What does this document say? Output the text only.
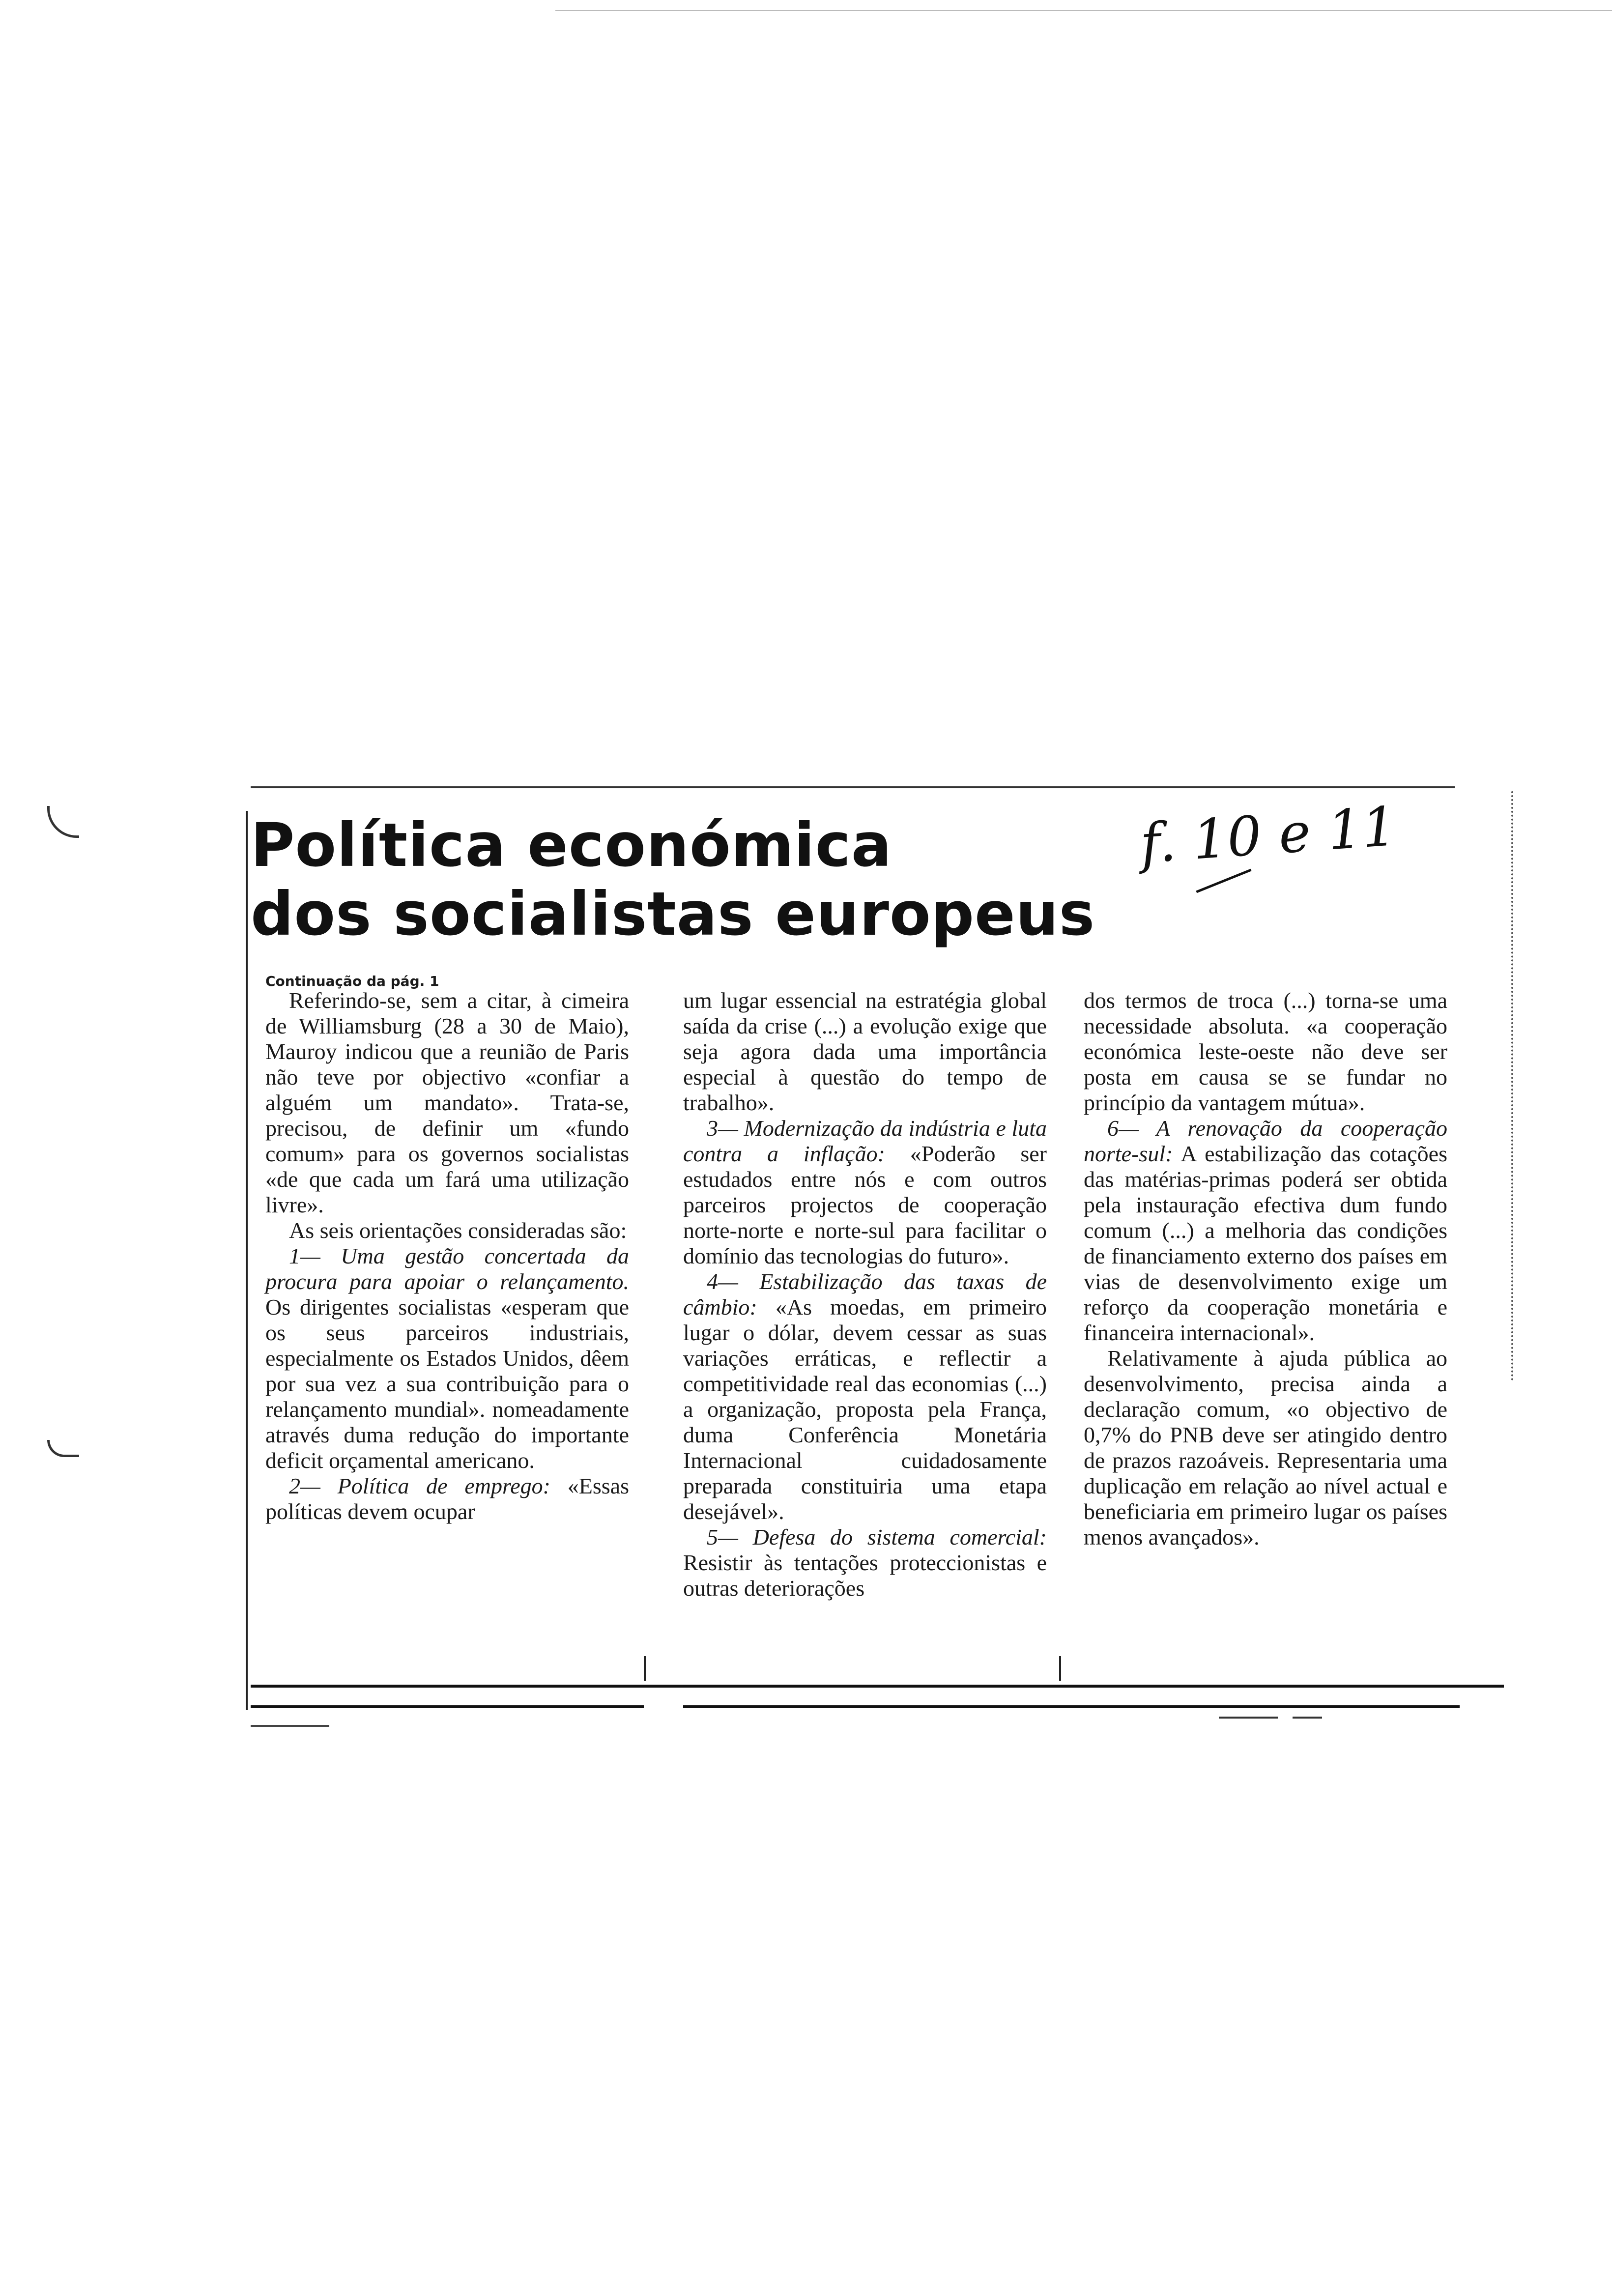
Política económica
dos socialistas europeus
f. 10 e 11
Continuação da pág. 1

Referindo-se, sem a citar, à cimeira de Williamsburg (28 a 30 de Maio), Mauroy indicou que a reunião de Paris não teve por objectivo «confiar a alguém um mandato». Trata-se, precisou, de definir um «fundo comum» para os governos socialistas «de que cada um fará uma utilização livre».

As seis orientações consideradas são:

1— Uma gestão concertada da procura para apoiar o relançamento. Os dirigentes socialistas «esperam que os seus parceiros industriais, especialmente os Estados Unidos, dêem por sua vez a sua contribuição para o relançamento mundial». nomeadamente através duma redução do importante deficit orçamental americano.

2— Política de emprego: «Essas políticas devem ocupar

um lugar essencial na estratégia global saída da crise (...) a evolução exige que seja agora dada uma importância especial à questão do tempo de trabalho».

3— Modernização da indústria e luta contra a inflação: «Poderão ser estudados entre nós e com outros parceiros projectos de cooperação norte-norte e norte-sul para facilitar o domínio das tecnologias do futuro».

4— Estabilização das taxas de câmbio: «As moedas, em primeiro lugar o dólar, devem cessar as suas variações erráticas, e reflectir a competitividade real das economias (...) a organização, proposta pela França, duma Conferência Monetária Internacional cuidadosamente preparada constituiria uma etapa desejável».

5— Defesa do sistema comercial: Resistir às tentações proteccionistas e outras deteriorações

dos termos de troca (...) torna-se uma necessidade absoluta. «a cooperação económica leste-oeste não deve ser posta em causa se se fundar no princípio da vantagem mútua».

6— A renovação da cooperação norte-sul: A estabilização das cotações das matérias-primas poderá ser obtida pela instauração efectiva dum fundo comum (...) a melhoria das condições de financiamento externo dos países em vias de desenvolvimento exige um reforço da cooperação monetária e financeira internacional».

Relativamente à ajuda pública ao desenvolvimento, precisa ainda a declaração comum, «o objectivo de 0,7% do PNB deve ser atingido dentro de prazos razoáveis. Representaria uma duplicação em relação ao nível actual e beneficiaria em primeiro lugar os países menos avançados».
